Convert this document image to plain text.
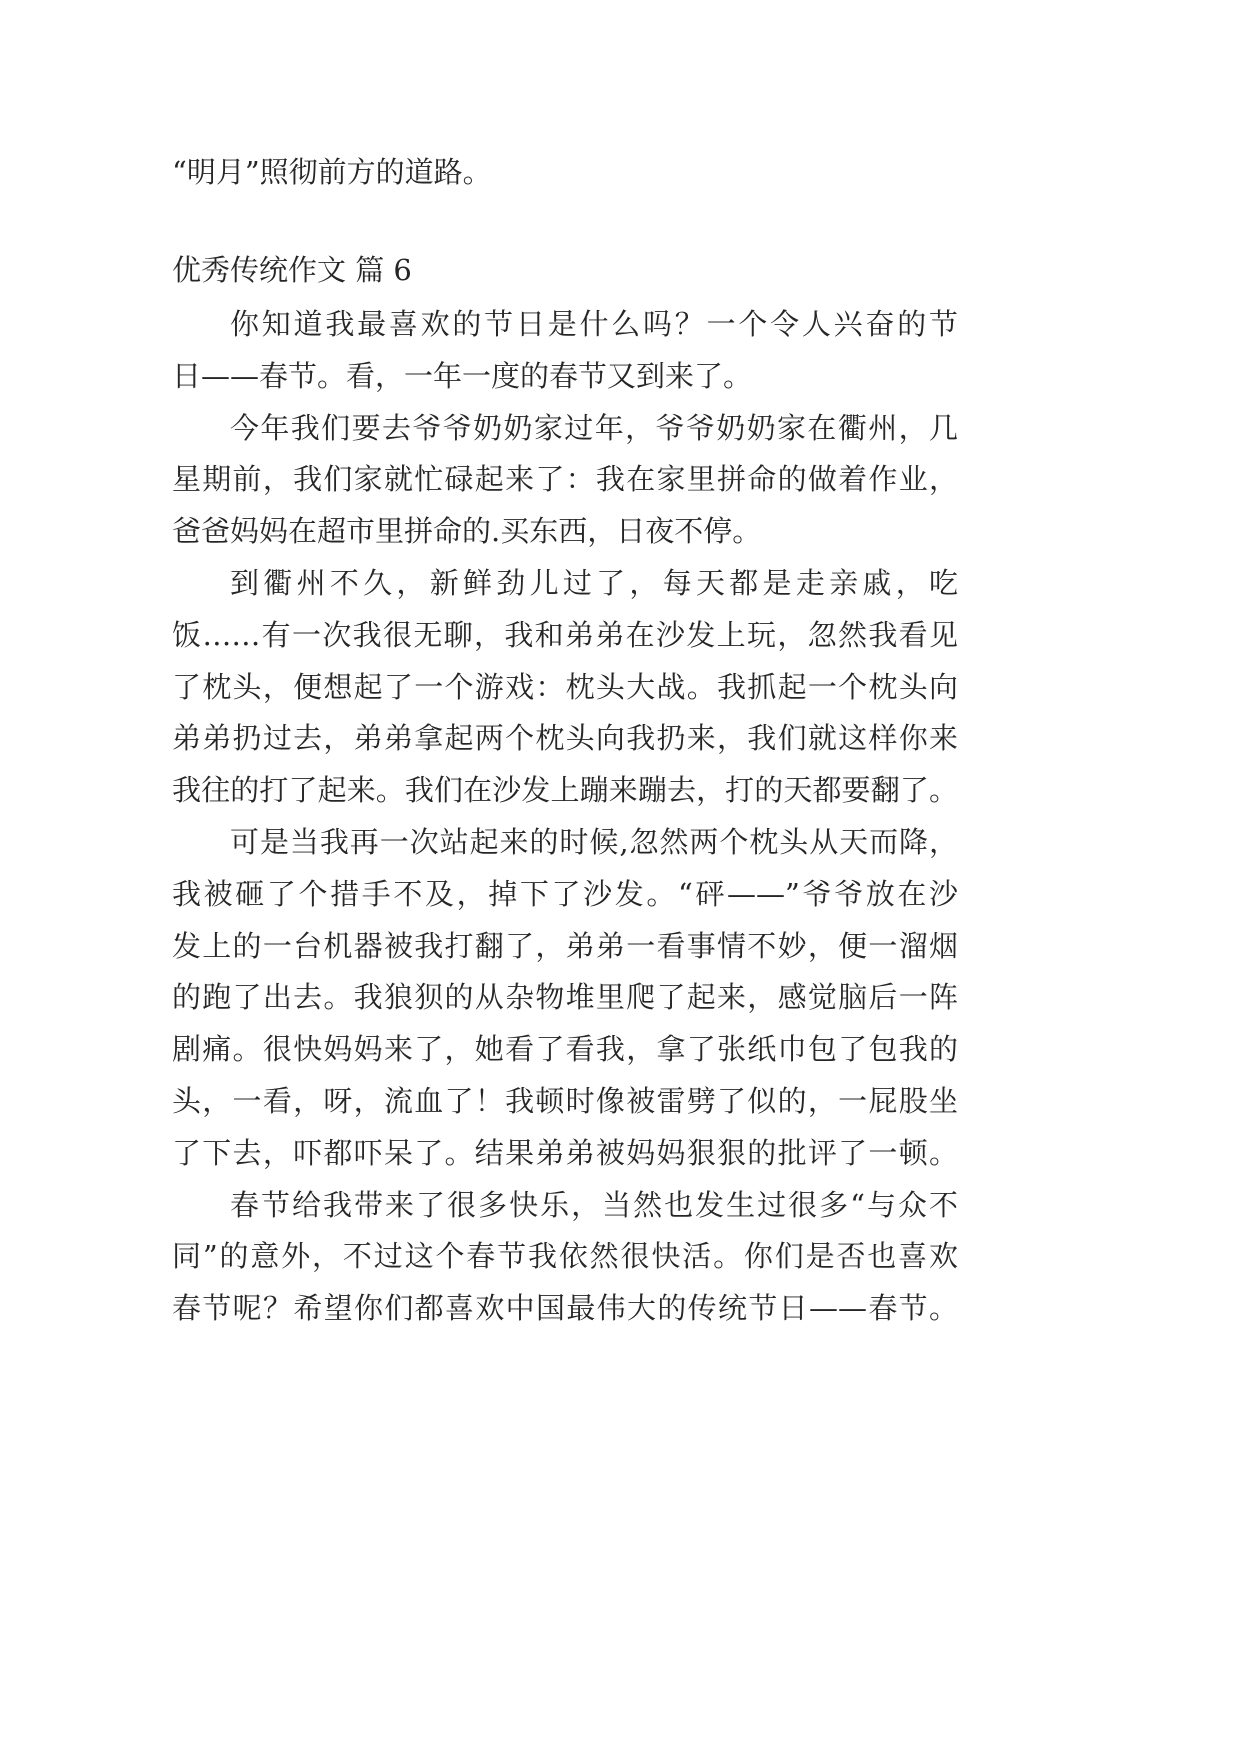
“明月”照彻前方的道路。
优秀传统作文 篇 6
你知道我最喜欢的节日是什么吗？一个令人兴奋的节
日——春节。看，一年一度的春节又到来了。
今年我们要去爷爷奶奶家过年，爷爷奶奶家在衢州，几
星期前，我们家就忙碌起来了：我在家里拼命的做着作业，
爸爸妈妈在超市里拼命的.买东西，日夜不停。
到衢州不久，新鲜劲儿过了，每天都是走亲戚，吃
饭……有一次我很无聊，我和弟弟在沙发上玩，忽然我看见
了枕头，便想起了一个游戏：枕头大战。我抓起一个枕头向
弟弟扔过去，弟弟拿起两个枕头向我扔来，我们就这样你来
我往的打了起来。我们在沙发上蹦来蹦去，打的天都要翻了。
可是当我再一次站起来的时候,忽然两个枕头从天而降，
我被砸了个措手不及，掉下了沙发。“砰——”爷爷放在沙
发上的一台机器被我打翻了，弟弟一看事情不妙，便一溜烟
的跑了出去。我狼狈的从杂物堆里爬了起来，感觉脑后一阵
剧痛。很快妈妈来了，她看了看我，拿了张纸巾包了包我的
头，一看，呀，流血了！我顿时像被雷劈了似的，一屁股坐
了下去，吓都吓呆了。结果弟弟被妈妈狠狠的批评了一顿。
春节给我带来了很多快乐，当然也发生过很多“与众不
同”的意外，不过这个春节我依然很快活。你们是否也喜欢
春节呢？希望你们都喜欢中国最伟大的传统节日——春节。
